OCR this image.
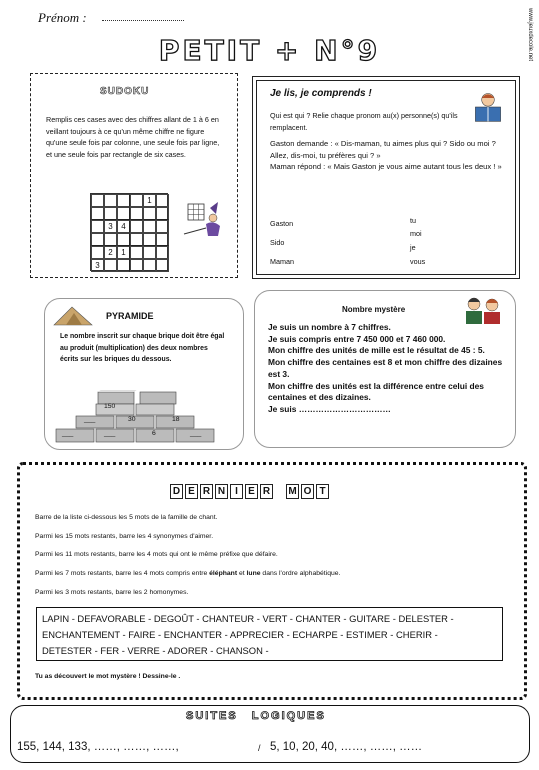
Prénom :	www.jeuxdecole.net
PETIT + N°9
SUDOKU
Remplis ces cases avec des chiffres allant de 1 à 6 en veillant toujours à ce qu'un même chiffre ne figure qu'une seule fois par colonne, une seule fois par ligne, et une seule fois par rectangle de six cases.
1
3	4
2	1
3
Je lis, je comprends !
Qui est qui ? Relie chaque pronom au(x) personne(s) qu'ils remplacent.
Gaston demande : « Dis-maman, tu aimes plus qui ? Sido ou moi ? Allez, dis-moi, tu préfères qui ? »
Maman répond : « Mais Gaston je vous aime autant tous les deux ! »
Gaston
Sido
Maman
tu
moi
je
vous
PYRAMIDE
Le nombre inscrit sur chaque brique doit être égal au produit (multiplication) des deux nombres écrits sur les briques du dessous.
150
___	30	18
___	___	6	___
Nombre mystère
Je suis un nombre à 7 chiffres.
Je suis compris entre 7 450 000 et 7 460 000.
Mon chiffre des unités de mille est le résultat de 45 : 5.
Mon chiffre des centaines est 8 et mon chiffre des dizaines est 3.
Mon chiffre des unités est la différence entre celui des centaines et des dizaines.
Je suis ……………………………
D E R N	I	E R M O T
Barre de la liste ci-dessous les 5 mots de la famille de chant.
Parmi les 15 mots restants, barre les 4 synonymes d'aimer.
Parmi les 11 mots restants, barre les 4 mots qui ont le même préfixe que défaire.
Parmi les 7 mots restants, barre les 4 mots compris entre éléphant et lune dans l'ordre alphabétique.
Parmi les 3 mots restants, barre les 2 homonymes.
LAPIN - DEFAVORABLE - DEGOÛT - CHANTEUR - VERT - CHANTER - GUITARE - DELESTER -
ENCHANTEMENT - FAIRE - ENCHANTER - APPRECIER - ECHARPE - ESTIMER - CHERIR -
DETESTER - FER - VERRE - ADORER - CHANSON -
Tu as découvert le mot mystère ! Dessine-le .
SUITES LOGIQUES
155, 144, 133, ……, ……, ……,	/ 5, 10, 20, 40, ……, ……, ……
